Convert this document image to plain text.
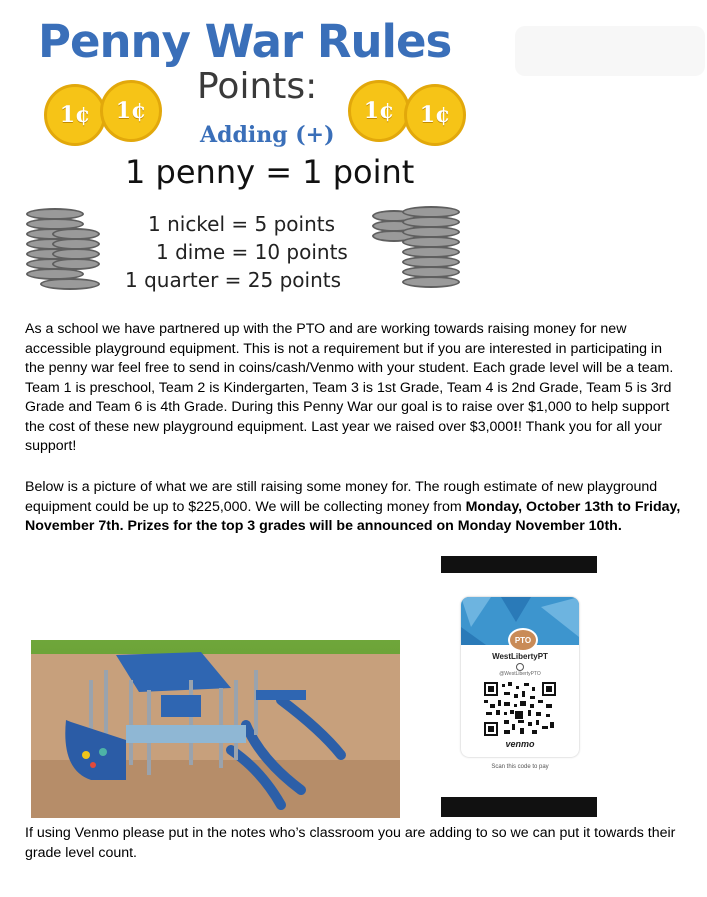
Penny War Rules
Points:
1¢ 1¢	1¢ 1¢
Adding (+)
1 penny = 1 point
1 nickel = 5 points
1 dime = 10 points
1 quarter = 25 points
As a school we have partnered up with the PTO and are working towards raising money for new accessible playground equipment. This is not a requirement but if you are interested in participating in the penny war feel free to send in coins/cash/Venmo with your student. Each grade level will be a team. Team 1 is preschool, Team 2 is Kindergarten, Team 3 is 1st Grade, Team 4 is 2nd Grade, Team 5 is 3rd Grade and Team 6 is 4th Grade. During this Penny War our goal is to raise over $1,000 to help support the cost of these new playground equipment. Last year we raised over $3,000!! Thank you for all your support!
Below is a picture of what we are still raising some money for. The rough estimate of new playground equipment could be up to $225,000. We will be collecting money from Monday, October 13th to Friday, November 7th. Prizes for the top 3 grades will be announced on Monday November 10th.
PTO
WestLibertyPT
@WestLibertyPTO
venmo
Scan this code to pay
If using Venmo please put in the notes who’s classroom you are adding to so we can put it towards their grade level count.
